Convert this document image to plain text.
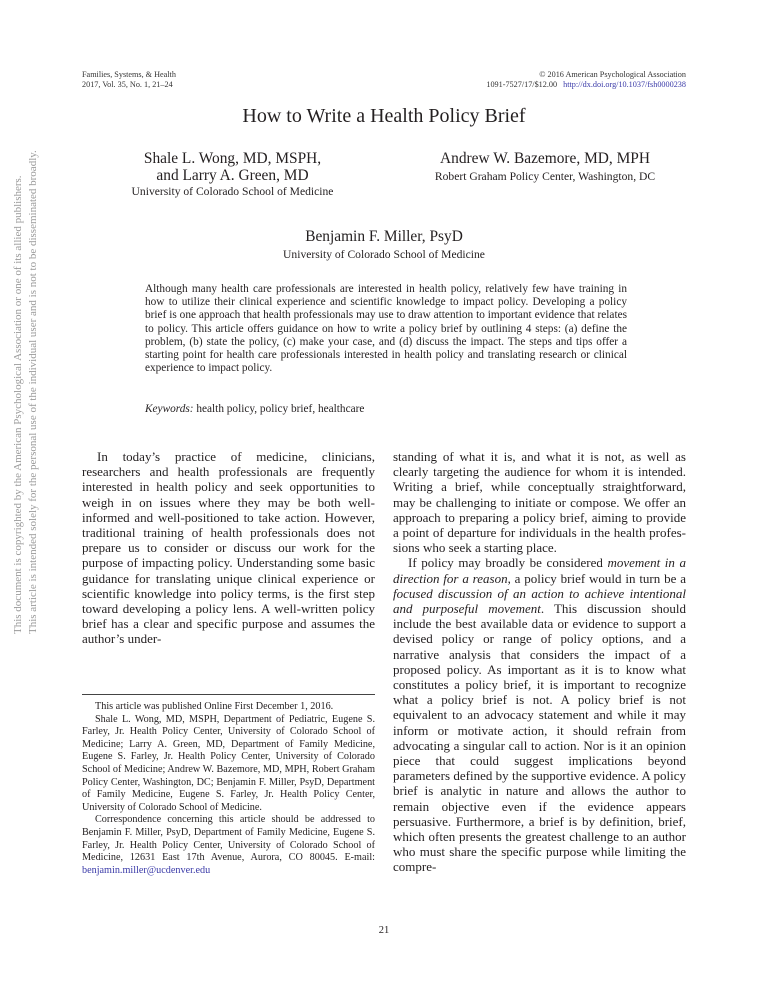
Families, Systems, & Health
2017, Vol. 35, No. 1, 21–24
© 2016 American Psychological Association
1091-7527/17/$12.00 http://dx.doi.org/10.1037/fsh0000238
How to Write a Health Policy Brief
Shale L. Wong, MD, MSPH,
and Larry A. Green, MD
University of Colorado School of Medicine
Andrew W. Bazemore, MD, MPH
Robert Graham Policy Center, Washington, DC
Benjamin F. Miller, PsyD
University of Colorado School of Medicine
This document is copyrighted by the American Psychological Association or one of its allied publishers. This article is intended solely for the personal use of the individual user and is not to be disseminated broadly.	Although many health care professionals are interested in health policy, relatively few have training in how to utilize their clinical experience and scientific knowledge to impact policy. Developing a policy brief is one approach that health professionals may use to draw attention to important evidence that relates to policy. This article offers guidance on how to write a policy brief by outlining 4 steps: (a) define the problem, (b) state the policy, (c) make your case, and (d) discuss the impact. The steps and tips offer a starting point for health care professionals interested in health policy and translating research or clinical experience to impact policy.
Keywords: health policy, policy brief, healthcare

In today’s practice of medicine, clinicians, researchers and health professionals are frequently interested in health policy and seek opportunities to weigh in on issues where they may be both well-informed and well-positioned to take action. However, traditional training of health professionals does not prepare us to consider or discuss our work for the purpose of impacting policy. Understanding some basic guidance for translating unique clinical experience or scientific knowledge into policy terms, is the first step toward developing a policy lens. A well-written policy brief has a clear and specific purpose and assumes the author’s under-

standing of what it is, and what it is not, as well as clearly targeting the audience for whom it is intended. Writing a brief, while conceptually straightforward, may be challenging to initiate or compose. We offer an approach to preparing a policy brief, aiming to provide a point of departure for individuals in the health professions who seek a starting place.

If policy may broadly be considered movement in a direction for a reason, a policy brief would in turn be a focused discussion of an action to achieve intentional and purposeful movement. This discussion should include the best available data or evidence to support a devised policy or range of policy options, and a narrative analysis that considers the impact of a proposed policy. As important as it is to know what constitutes a policy brief, it is important to recognize what a policy brief is not. A policy brief is not equivalent to an advocacy statement and while it may inform or motivate action, it should refrain from advocating a singular call to action. Nor is it an opinion piece that could suggest implications beyond parameters defined by the supportive evidence. A policy brief is analytic in nature and allows the author to remain objective even if the evidence appears persuasive. Furthermore, a brief is by definition, brief, which often presents the greatest challenge to an author who must share the specific purpose while limiting the compre-

This article was published Online First December 1, 2016.

Shale L. Wong, MD, MSPH, Department of Pediatric, Eugene S. Farley, Jr. Health Policy Center, University of Colorado School of Medicine; Larry A. Green, MD, Department of Family Medicine, Eugene S. Farley, Jr. Health Policy Center, University of Colorado School of Medicine; Andrew W. Bazemore, MD, MPH, Robert Graham Policy Center, Washington, DC; Benjamin F. Miller, PsyD, Department of Family Medicine, Eugene S. Farley, Jr. Health Policy Center, University of Colorado School of Medicine.

Correspondence concerning this article should be addressed to Benjamin F. Miller, PsyD, Department of Family Medicine, Eugene S. Farley, Jr. Health Policy Center, University of Colorado School of Medicine, 12631 East 17th Avenue, Aurora, CO 80045. E-mail: benjamin.miller@ucdenver.edu

21
